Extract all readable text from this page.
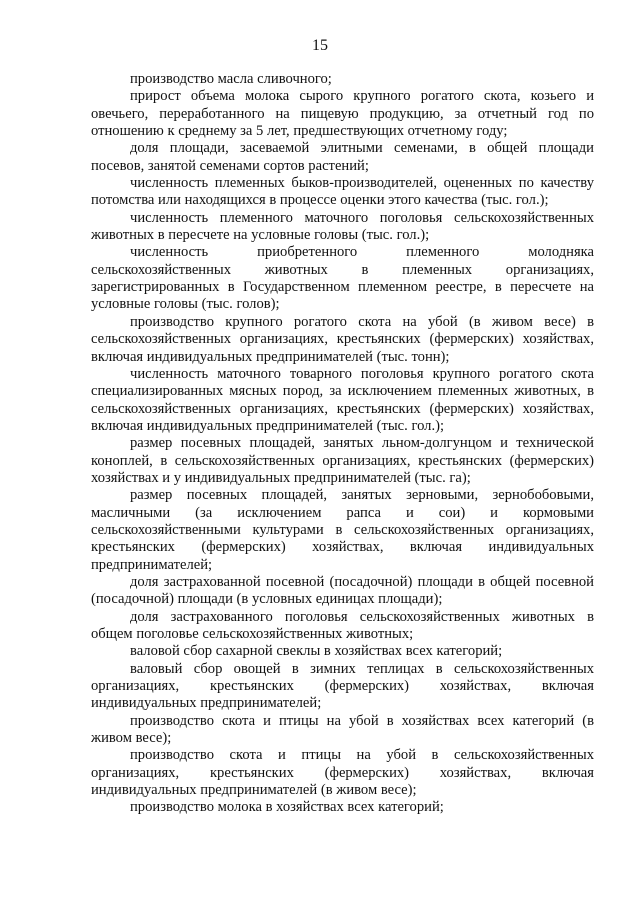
15

производство масла сливочного;

прирост объема молока сырого крупного рогатого скота, козьего и овечьего, переработанного на пищевую продукцию, за отчетный год по отношению к среднему за 5 лет, предшествующих отчетному году;

доля площади, засеваемой элитными семенами, в общей площади посевов, занятой семенами сортов растений;

численность племенных быков-производителей, оцененных по качеству потомства или находящихся в процессе оценки этого качества (тыс. гол.);

численность племенного маточного поголовья сельскохозяйственных животных в пересчете на условные головы (тыс. гол.);

численность приобретенного племенного молодняка сельскохозяйственных животных в племенных организациях, зарегистрированных в Государственном племенном реестре, в пересчете на условные головы (тыс. голов);

производство крупного рогатого скота на убой (в живом весе) в сельскохозяйственных организациях, крестьянских (фермерских) хозяйствах, включая индивидуальных предпринимателей (тыс. тонн);

численность маточного товарного поголовья крупного рогатого скота специализированных мясных пород, за исключением племенных животных, в сельскохозяйственных организациях, крестьянских (фермерских) хозяйствах, включая индивидуальных предпринимателей (тыс. гол.);

размер посевных площадей, занятых льном-долгунцом и технической коноплей, в сельскохозяйственных организациях, крестьянских (фермерских) хозяйствах и у индивидуальных предпринимателей (тыс. га);

размер посевных площадей, занятых зерновыми, зернобобовыми, масличными (за исключением рапса и сои) и кормовыми сельскохозяйственными культурами в сельскохозяйственных организациях, крестьянских (фермерских) хозяйствах, включая индивидуальных предпринимателей;

доля застрахованной посевной (посадочной) площади в общей посевной (посадочной) площади (в условных единицах площади);

доля застрахованного поголовья сельскохозяйственных животных в общем поголовье сельскохозяйственных животных;

валовой сбор сахарной свеклы в хозяйствах всех категорий;

валовый сбор овощей в зимних теплицах в сельскохозяйственных организациях, крестьянских (фермерских) хозяйствах, включая индивидуальных предпринимателей;

производство скота и птицы на убой в хозяйствах всех категорий (в живом весе);

производство скота и птицы на убой в сельскохозяйственных организациях, крестьянских (фермерских) хозяйствах, включая индивидуальных предпринимателей (в живом весе);

производство молока в хозяйствах всех категорий;
